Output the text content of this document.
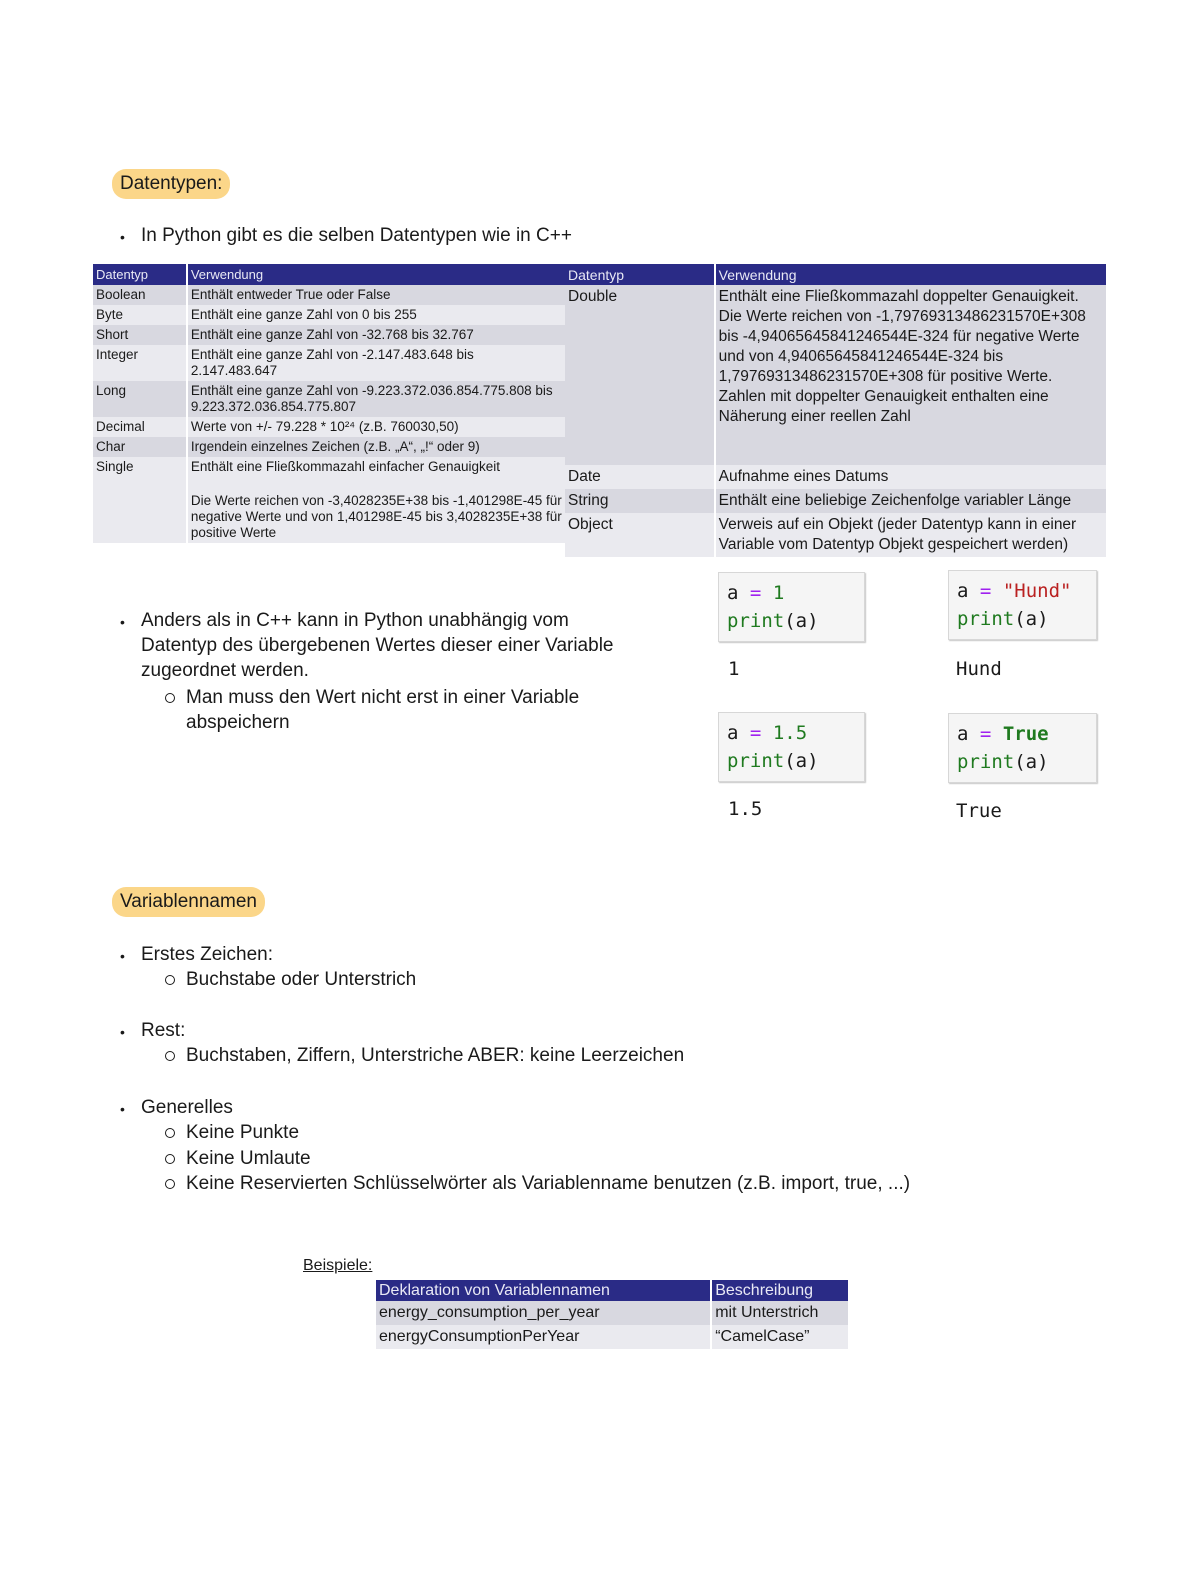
Datentypen:
• In Python gibt es die selben Datentypen wie in C++
Datentyp	Verwendung
Boolean	Enthält entweder True oder False
Byte	Enthält eine ganze Zahl von 0 bis 255
Short	Enthält eine ganze Zahl von -32.768 bis 32.767
Integer	Enthält eine ganze Zahl von -2.147.483.648 bis 2.147.483.647
Long	Enthält eine ganze Zahl von -9.223.372.036.854.775.808 bis 9.223.372.036.854.775.807
Decimal	Werte von +/- 79.228 * 10²⁴ (z.B. 760030,50)
Char	Irgendein einzelnes Zeichen (z.B. „A“, „!“ oder 9)
Single	Enthält eine Fließkommazahl einfacher Genauigkeit
Die Werte reichen von -3,4028235E+38 bis -1,401298E-45 für negative Werte und von 1,401298E-45 bis 3,4028235E+38 für positive Werte
Datentyp	Verwendung
Double	Enthält eine Fließkommazahl doppelter Genauigkeit. Die Werte reichen von -1,79769313486231570E+308 bis -4,94065645841246544E-324 für negative Werte und von 4,94065645841246544E-324 bis 1,79769313486231570E+308 für positive Werte. Zahlen mit doppelter Genauigkeit enthalten eine Näherung einer reellen Zahl
Date	Aufnahme eines Datums
String	Enthält eine beliebige Zeichenfolge variabler Länge
Object	Verweis auf ein Objekt (jeder Datentyp kann in einer Variable vom Datentyp Objekt gespeichert werden)
• Anders als in C++ kann in Python unabhängig vom
Datentyp des übergebenen Wertes dieser einer Variable
zugeordnet werden.
Man muss den Wert nicht erst in einer Variable
abspeichern
a = 1
print(a)
1
a = "Hund"
print(a)
Hund
a = 1.5
print(a)
1.5
a = True
print(a)
True
Variablennamen
• Erstes Zeichen:
Buchstabe oder Unterstrich
• Rest:
Buchstaben, Ziffern, Unterstriche ABER: keine Leerzeichen
• Generelles
Keine Punkte
Keine Umlaute
Keine Reservierten Schlüsselwörter als Variablenname benutzen (z.B. import, true, ...)
Beispiele:
Deklaration von Variablennamen	Beschreibung
energy_consumption_per_year	mit Unterstrich
energyConsumptionPerYear	“CamelCase”
